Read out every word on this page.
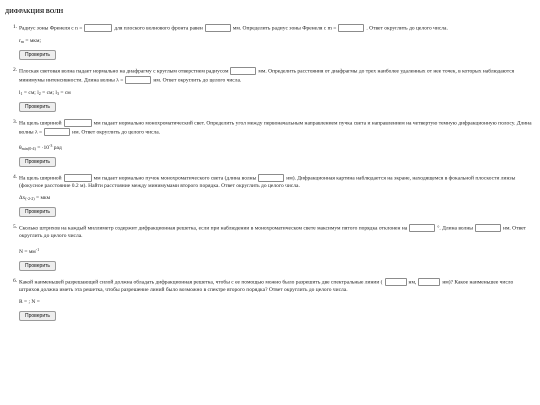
ДИФРАКЦИЯ ВОЛН
1. Радиус зоны Френеля с n =	для плоского волнового фронта равен	мм. Определить радиус зоны Френеля с m =	. Ответ округлить до целого числа.

$r_m$ = мкм;
Проверить
2. Плоская световая волна падает нормально на диафрагму с круглым отверстием радиусом	мм. Определить расстояния от диафрагмы до трех наиболее удаленных от нее точек, в которых наблюдаются минимумы интенсивности. Длина волны λ =	нм. Ответ округлить до целого числа.

$l_1$ = см; $l_2$ = см; $l_3$ = см
Проверить
3. На щель шириной	мм падает нормально монохроматический свет. Определить угол между первоначальным направлением пучка света и направлением на четвертую темную дифракционную полосу. Длина волны λ =	нм. Ответ округлить до целого числа.

$\theta_{min(0-4)} = \cdot 10^{-3}$ рад
Проверить
4. На щель шириной	мм падает нормально пучок монохроматического света (длина волны	нм). Дифракционная картина наблюдается на экране, находящемся в фокальной плоскости линзы (фокусное расстояние 0.2 м). Найти расстояние между минимумами второго порядка. Ответ округлить до целого числа.

$\Delta x_{(-2-2)}$ = мкм
Проверить
5. Сколько штрихов на каждый миллиметр содержит дифракционная решетка, если при наблюдении в монохроматическом свете максимум пятого порядка отклонен на	°. Длина волны	нм. Ответ округлить до целого числа.

$N = мм^{-1}$
Проверить
6. Какой наименьшей разрешающей силой должна обладать дифракционная решетка, чтобы с ее помощью можно было разрешить две спектральные линии (	нм,	нм)? Какое наименьшее число штрихов должна иметь эта решетка, чтобы разрешение линий было возможно в спектре второго порядка? Ответ округлить до целого числа.

R = ; N =
Проверить
